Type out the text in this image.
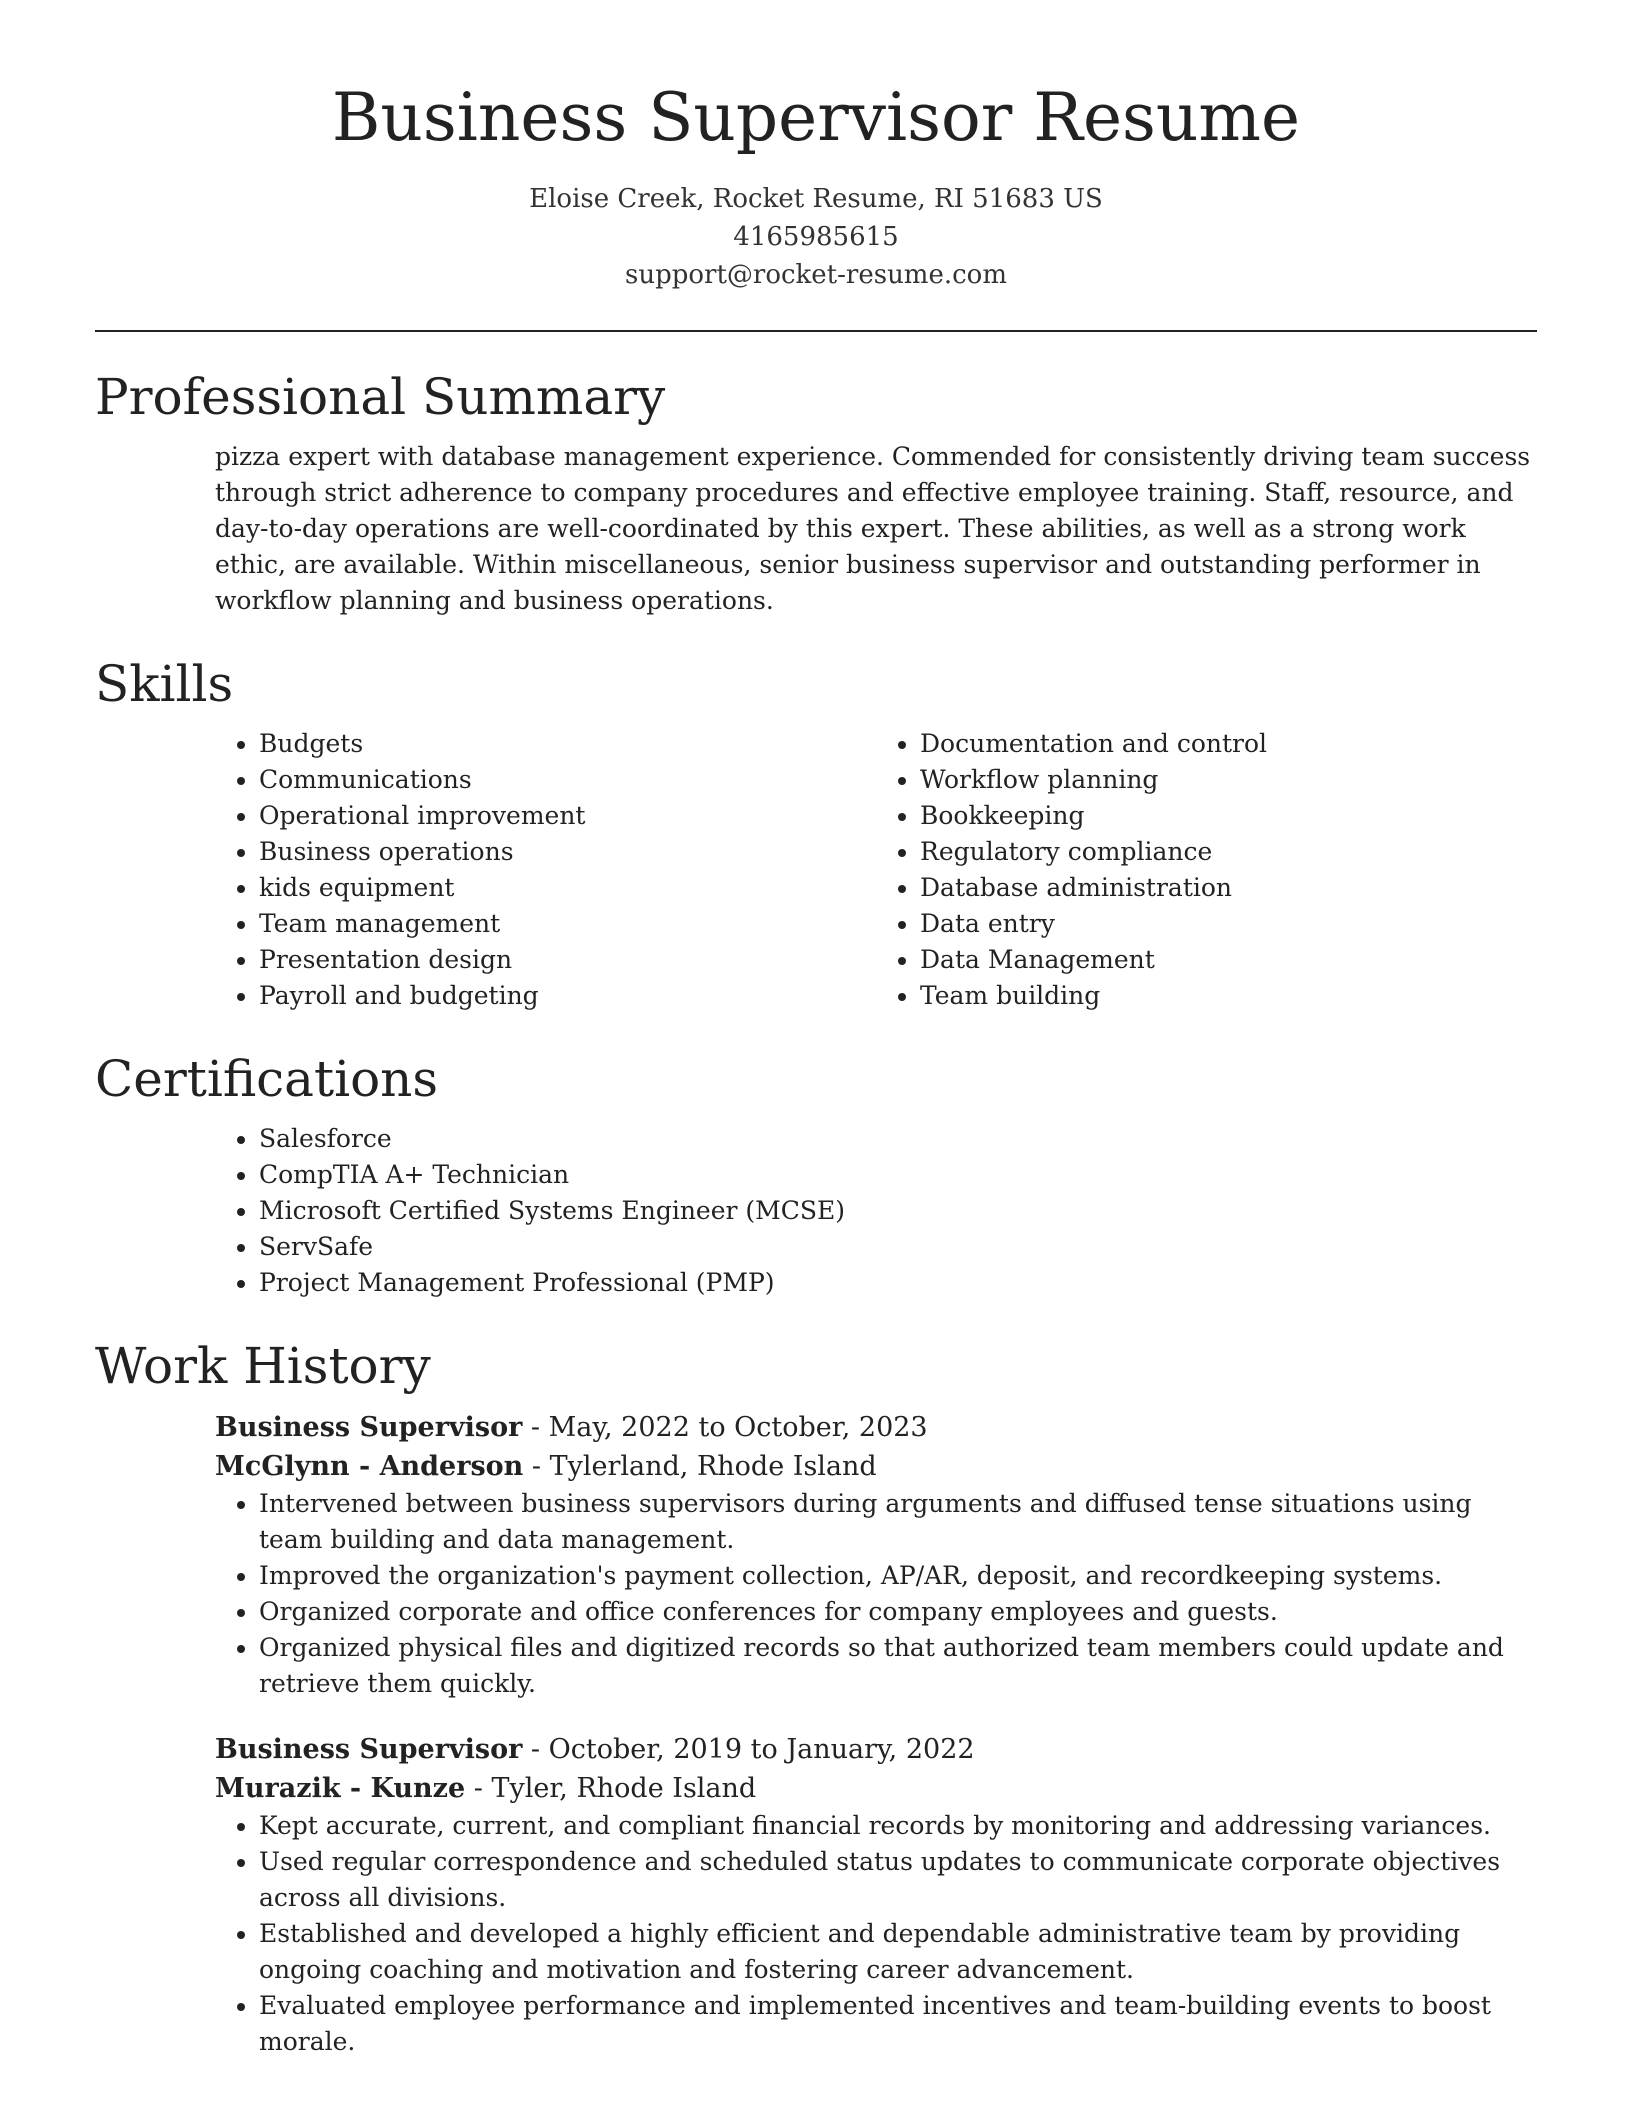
Business Supervisor Resume
Eloise Creek, Rocket Resume, RI 51683 US
4165985615
support@rocket-resume.com
Professional Summary

pizza expert with database management experience. Commended for consistently driving team success through strict adherence to company procedures and effective employee training. Staff, resource, and day-to-day operations are well-coordinated by this expert. These abilities, as well as a strong work ethic, are available. Within miscellaneous, senior business supervisor and outstanding performer in workflow planning and business operations.

Skills
• Budgets
• Communications
• Operational improvement
• Business operations
• kids equipment
• Team management
• Presentation design
• Payroll and budgeting
• Documentation and control
• Workflow planning
• Bookkeeping
• Regulatory compliance
• Database administration
• Data entry
• Data Management
• Team building
Certifications
• Salesforce
• CompTIA A+ Technician
• Microsoft Certified Systems Engineer (MCSE)
• ServSafe
• Project Management Professional (PMP)
Work History
Business Supervisor - May, 2022 to October, 2023
McGlynn - Anderson - Tylerland, Rhode Island
• Intervened between business supervisors during arguments and diffused tense situations using team building and data management.
• Improved the organization's payment collection, AP/AR, deposit, and recordkeeping systems.
• Organized corporate and office conferences for company employees and guests.
• Organized physical files and digitized records so that authorized team members could update and retrieve them quickly.
Business Supervisor - October, 2019 to January, 2022
Murazik - Kunze - Tyler, Rhode Island
• Kept accurate, current, and compliant financial records by monitoring and addressing variances.
• Used regular correspondence and scheduled status updates to communicate corporate objectives across all divisions.
• Established and developed a highly efficient and dependable administrative team by providing ongoing coaching and motivation and fostering career advancement.
• Evaluated employee performance and implemented incentives and team-building events to boost morale.
